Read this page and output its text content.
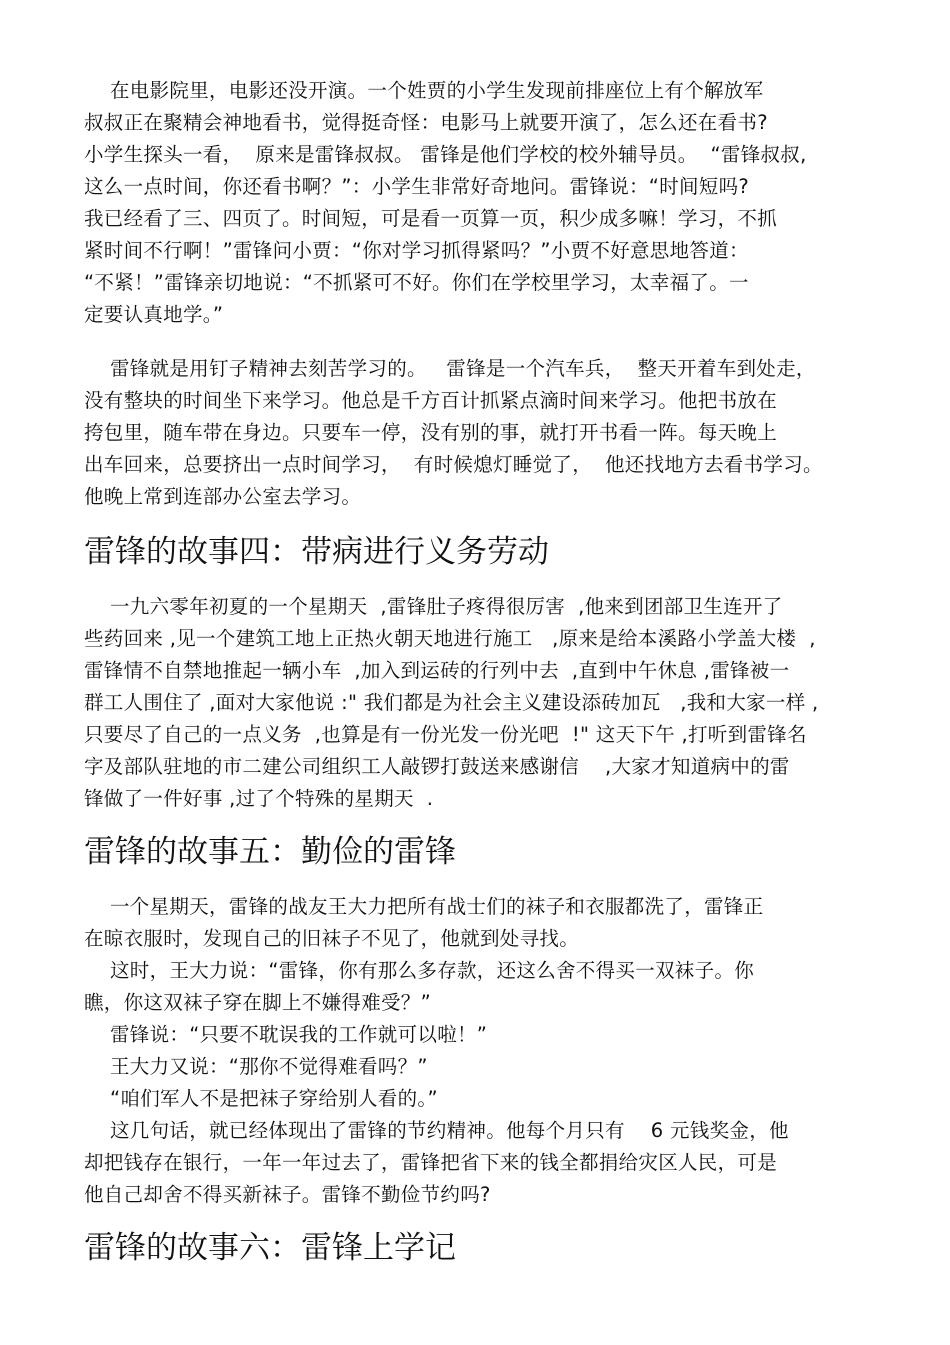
在电影院里，电影还没开演。一个姓贾的小学生发现前排座位上有个解放军
叔叔正在聚精会神地看书，觉得挺奇怪：电影马上就要开演了，怎么还在看书?
小学生探头一看，  原来是雷锋叔叔。 雷锋是他们学校的校外辅导员。  “雷锋叔叔,
这么一点时间，你还看书啊？”：小学生非常好奇地问。雷锋说：“时间短吗?
我已经看了三、四页了。时间短，可是看一页算一页，积少成多嘛！学习，不抓
紧时间不行啊！”雷锋问小贾：“你对学习抓得紧吗？”小贾不好意思地答道：
“不紧！”雷锋亲切地说：“不抓紧可不好。你们在学校里学习，太幸福了。一
定要认真地学。”
雷锋就是用钉子精神去刻苦学习的。   雷锋是一个汽车兵，  整天开着车到处走，
没有整块的时间坐下来学习。他总是千方百计抓紧点滴时间来学习。他把书放在
挎包里，随车带在身边。只要车一停，没有别的事，就打开书看一阵。每天晚上
出车回来，总要挤出一点时间学习，  有时候熄灯睡觉了，  他还找地方去看书学习。
他晚上常到连部办公室去学习。
雷锋的故事四：带病进行义务劳动
一九六零年初夏的一个星期天  ,雷锋肚子疼得很厉害  ,他来到团部卫生连开了
些药回来 ,见一个建筑工地上正热火朝天地进行施工   ,原来是给本溪路小学盖大楼  ,
雷锋情不自禁地推起一辆小车  ,加入到运砖的行列中去  ,直到中午休息 ,雷锋被一
群工人围住了 ,面对大家他说 :" 我们都是为社会主义建设添砖加瓦   ,我和大家一样 ,
只要尽了自己的一点义务  ,也算是有一份光发一份光吧  !" 这天下午 ,打听到雷锋名
字及部队驻地的市二建公司组织工人敲锣打鼓送来感谢信    ,大家才知道病中的雷
锋做了一件好事 ,过了个特殊的星期天  .
雷锋的故事五：勤俭的雷锋
一个星期天，雷锋的战友王大力把所有战士们的袜子和衣服都洗了，雷锋正
在晾衣服时，发现自己的旧袜子不见了，他就到处寻找。
这时，王大力说：“雷锋，你有那么多存款，还这么舍不得买一双袜子。你
瞧，你这双袜子穿在脚上不嫌得难受？”
雷锋说：“只要不耽误我的工作就可以啦！”
王大力又说：“那你不觉得难看吗？”
“咱们军人不是把袜子穿给别人看的。”
这几句话，就已经体现出了雷锋的节约精神。他每个月只有    6 元钱奖金，他
却把钱存在银行，一年一年过去了，雷锋把省下来的钱全都捐给灾区人民，可是
他自己却舍不得买新袜子。雷锋不勤俭节约吗?
雷锋的故事六：雷锋上学记
